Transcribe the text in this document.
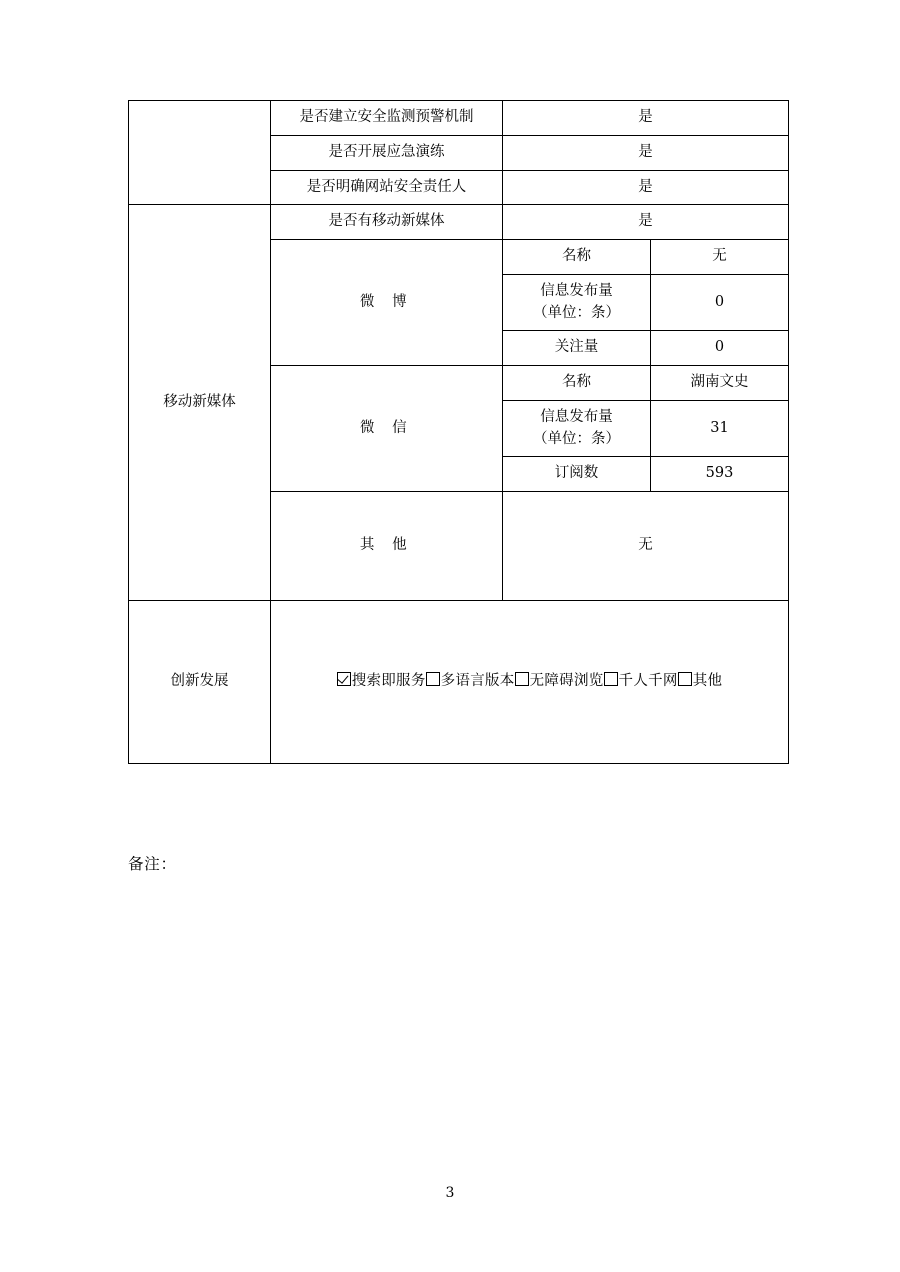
	是否建立安全监测预警机制	是	
	是否开展应急演练	是	
	是否明确网站安全责任人	是	
移动新媒体	是否有移动新媒体	是	
	微 博	名称	无

		信息发布量
（单位：条）	0
		关注量	0
	微 信	名称	湖南文史

		信息发布量
（单位：条）	31
		订阅数	593
	其 他	无	
创新发展	搜索即服务 多语言版本 无障碍浏览 千人千网 其他		
备注：
3
